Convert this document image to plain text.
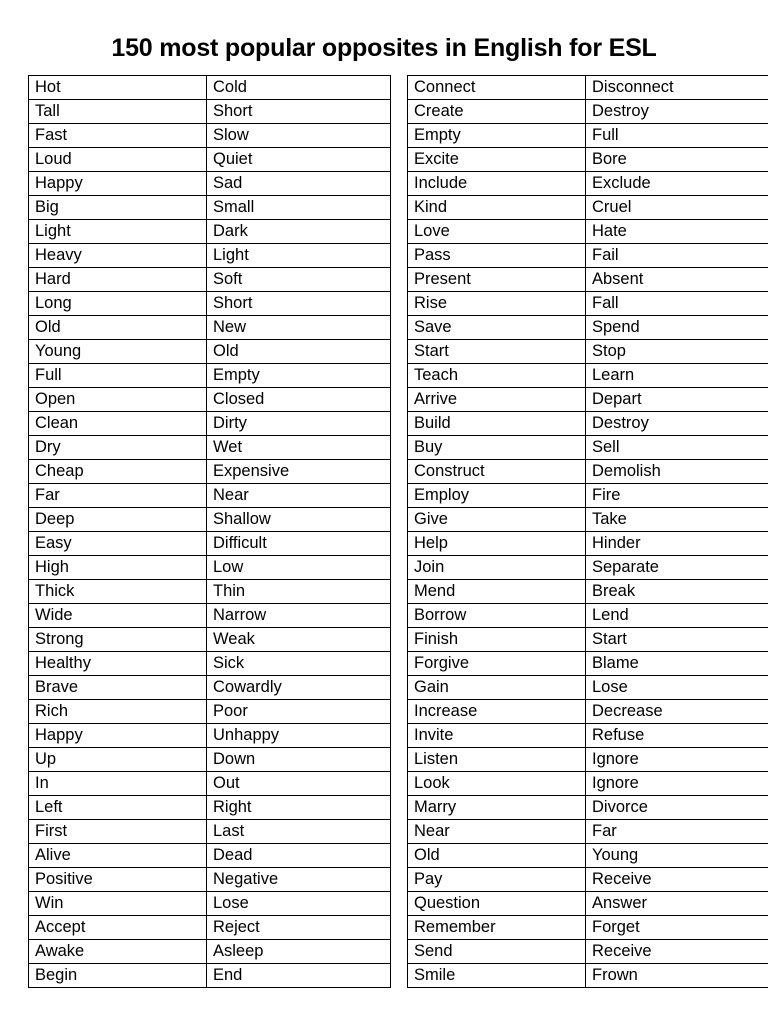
150 most popular opposites in English for ESL
Hot	Cold
Tall	Short
Fast	Slow
Loud	Quiet
Happy	Sad
Big	Small
Light	Dark
Heavy	Light
Hard	Soft
Long	Short
Old	New
Young	Old
Full	Empty
Open	Closed
Clean	Dirty
Dry	Wet
Cheap	Expensive
Far	Near
Deep	Shallow
Easy	Difficult
High	Low
Thick	Thin
Wide	Narrow
Strong	Weak
Healthy	Sick
Brave	Cowardly
Rich	Poor
Happy	Unhappy
Up	Down
In	Out
Left	Right
First	Last
Alive	Dead
Positive	Negative
Win	Lose
Accept	Reject
Awake	Asleep
Begin	End
Connect	Disconnect
Create	Destroy
Empty	Full
Excite	Bore
Include	Exclude
Kind	Cruel
Love	Hate
Pass	Fail
Present	Absent
Rise	Fall
Save	Spend
Start	Stop
Teach	Learn
Arrive	Depart
Build	Destroy
Buy	Sell
Construct	Demolish
Employ	Fire
Give	Take
Help	Hinder
Join	Separate
Mend	Break
Borrow	Lend
Finish	Start
Forgive	Blame
Gain	Lose
Increase	Decrease
Invite	Refuse
Listen	Ignore
Look	Ignore
Marry	Divorce
Near	Far
Old	Young
Pay	Receive
Question	Answer
Remember	Forget
Send	Receive
Smile	Frown
